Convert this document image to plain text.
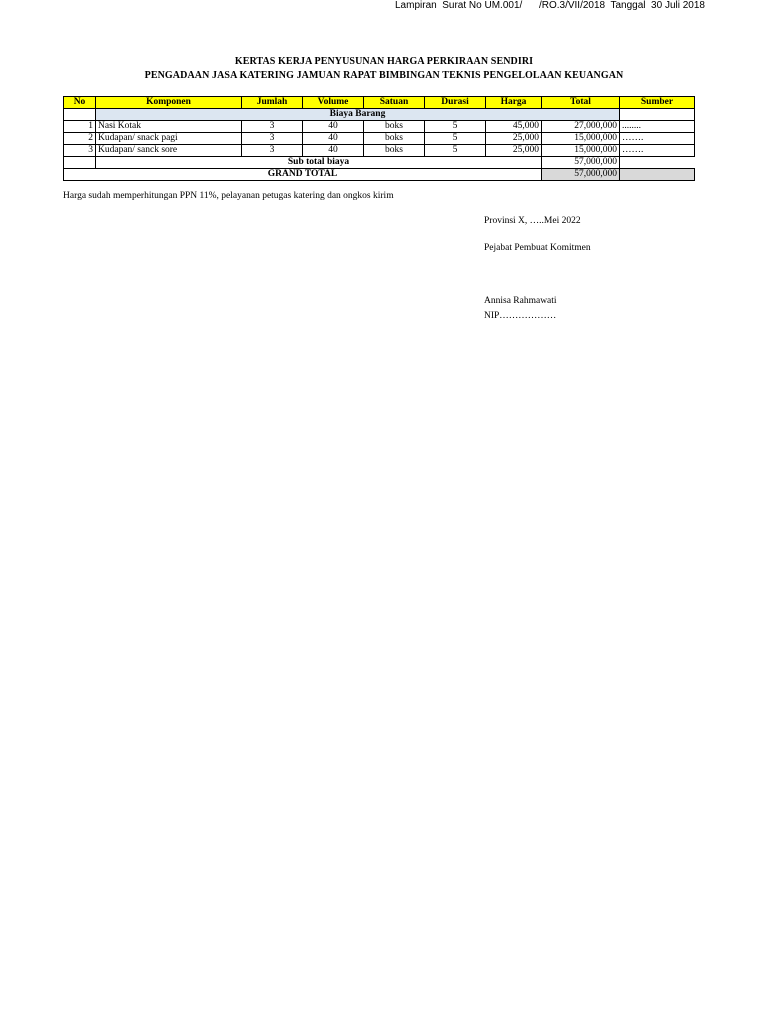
Lampiran  Surat No UM.001/      /RO.3/VII/2018  Tanggal  30 Juli 2018
KERTAS KERJA PENYUSUNAN HARGA PERKIRAAN SENDIRI
PENGADAAN JASA KATERING JAMUAN RAPAT BIMBINGAN TEKNIS PENGELOLAAN KEUANGAN
No	Komponen	Jumlah	Volume	Satuan	Durasi	Harga	Total	Sumber
	Biaya Barang							
1	Nasi Kotak	3	40	boks	5	45,000	27,000,000	........
2	Kudapan/ snack pagi	3	40	boks	5	25,000	15,000,000	…….
3	Kudapan/ sanck sore	3	40	boks	5	25,000	15,000,000	…….
	Sub total biaya						57,000,000	
GRAND TOTAL							57,000,000	
Harga sudah memperhitungan PPN 11%, pelayanan petugas katering dan ongkos kirim
Provinsi X, …..Mei 2022
Pejabat Pembuat Komitmen
Annisa Rahmawati
NIP………………
